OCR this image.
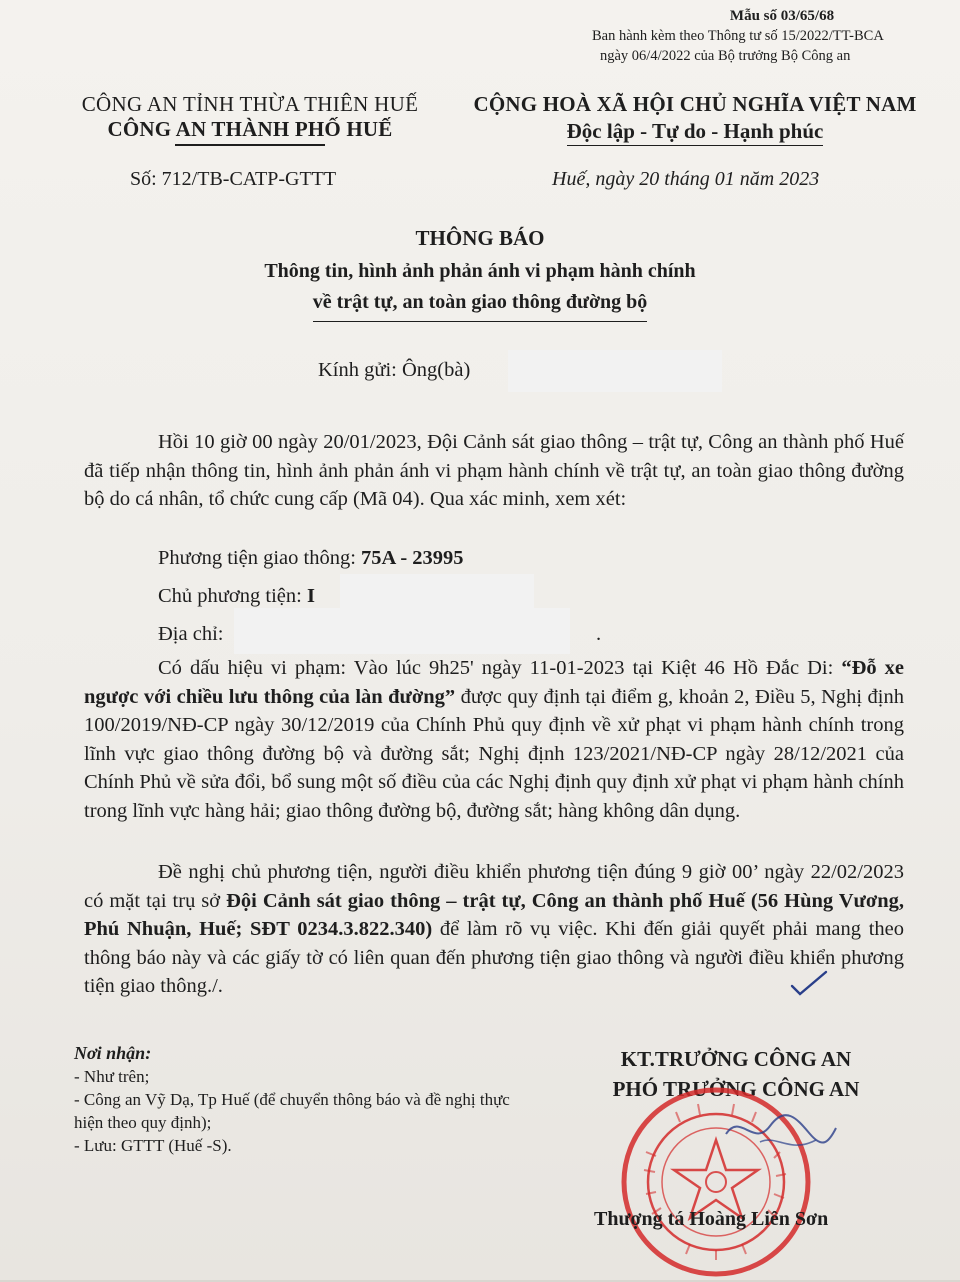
Mẫu số 03/65/68
Ban hành kèm theo Thông tư số 15/2022/TT-BCA
ngày 06/4/2022 của Bộ trưởng Bộ Công an
CÔNG AN TỈNH THỪA THIÊN HUẾ
CÔNG AN THÀNH PHỐ HUẾ
CỘNG HOÀ XÃ HỘI CHỦ NGHĨA VIỆT NAM
Độc lập - Tự do - Hạnh phúc
Số: 712/TB-CATP-GTTT	Huế, ngày 20 tháng 01 năm 2023
THÔNG BÁO
Thông tin, hình ảnh phản ánh vi phạm hành chính
về trật tự, an toàn giao thông đường bộ
Kính gửi: Ông(bà)
Hồi 10 giờ 00 ngày 20/01/2023, Đội Cảnh sát giao thông – trật tự, Công an thành phố Huế đã tiếp nhận thông tin, hình ảnh phản ánh vi phạm hành chính về trật tự, an toàn giao thông đường bộ do cá nhân, tổ chức cung cấp (Mã 04). Qua xác minh, xem xét:
Phương tiện giao thông: 75A - 23995
Chủ phương tiện: I
Địa chỉ:	.
Có dấu hiệu vi phạm: Vào lúc 9h25' ngày 11-01-2023 tại Kiệt 46 Hồ Đắc Di: “Đỗ xe ngược với chiều lưu thông của làn đường” được quy định tại điểm g, khoản 2, Điều 5, Nghị định 100/2019/NĐ-CP ngày 30/12/2019 của Chính Phủ quy định về xử phạt vi phạm hành chính trong lĩnh vực giao thông đường bộ và đường sắt; Nghị định 123/2021/NĐ-CP ngày 28/12/2021 của Chính Phủ về sửa đổi, bổ sung một số điều của các Nghị định quy định xử phạt vi phạm hành chính trong lĩnh vực hàng hải; giao thông đường bộ, đường sắt; hàng không dân dụng.
Đề nghị chủ phương tiện, người điều khiển phương tiện đúng 9 giờ 00’ ngày 22/02/2023 có mặt tại trụ sở Đội Cảnh sát giao thông – trật tự, Công an thành phố Huế (56 Hùng Vương, Phú Nhuận, Huế; SĐT 0234.3.822.340) để làm rõ vụ việc. Khi đến giải quyết phải mang theo thông báo này và các giấy tờ có liên quan đến phương tiện giao thông và người điều khiển phương tiện giao thông./.
Nơi nhận:
- Như trên;
- Công an Vỹ Dạ, Tp Huế (để chuyển thông báo và đề nghị thực hiện theo quy định);
- Lưu: GTTT (Huế -S).
KT.TRƯỞNG CÔNG AN
PHÓ TRƯỞNG CÔNG AN
Thượng tá Hoàng Liên Sơn
